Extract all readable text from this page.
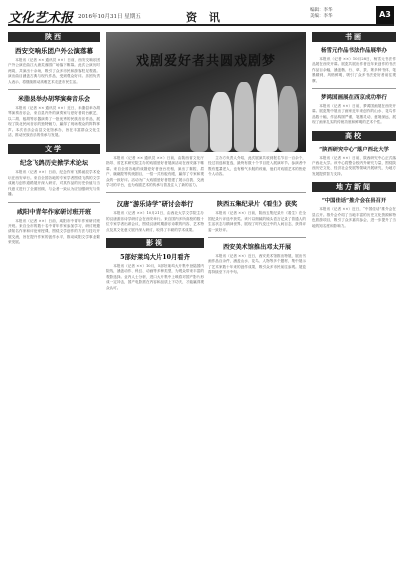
文化艺术报 2016年10月31日 星期五	资 讯
编辑：李华
美编：李华	A3
陕西
西安交响乐团户外公演落幕

本报讯（记者 ×× 通讯员 ××）日前，西安交响乐团户外公演在曲江大唐芙蓉园广场落下帷幕。此次公演历时两周，共演出十余场，吸引了众多市民和游客驻足观看。演出曲目涵盖古典与现代作品，受到观众好评。乐团负责人表示，将继续推动高雅艺术走进市民生活。

米脂县举办胡琴演奏音乐会

本报讯（记者 ×× 通讯员 ××）近日，米脂县举办胡琴演奏音乐会，来自县内外的演奏家与爱好者同台献艺，以二胡、板胡等乐器演奏了一批优秀的民族音乐作品，展现了陕北民间音乐的独特魅力，赢得了现场观众的阵阵掌声。本次音乐会由县文化馆承办，旨在丰富群众文化生活，推动民族音乐的传承与发展。

文学
纪念飞鸽历史掀学术论坛

本报讯（记者 ××）日前，纪念作家飞鸽诞辰学术论坛在西安举行。来自全国各地的专家学者围绕飞鸽的文学成就与创作道路展开深入研讨，对其作品的历史价值与当代意义进行了全面回顾，与会者一致认为应加强研究与传播。

咸阳中青年作家研讨班开班

本报讯（记者 ××）日前，咸阳市中青年作家研讨班开班。来自全市的数十名中青年作家参加学习，研讨班邀请知名作家和评论家授课，围绕文学创作的方法与技巧开展交流，旨在提升作家的创作水平，推动咸阳文学事业繁荣发展。

戏剧爱好者共圆戏剧梦

本报讯（记者 ×× 通讯员 ××）日前，由陕西省文化厅指导、省艺术研究院主办的戏剧爱好者展演活动在西安落下帷幕。来自全省各地的戏剧爱好者登台亮相，演出了秦腔、眉户、碗碗腔等传统剧目，一招一式有板有眼，赢得了专家和观众的一致好评。活动为广大戏剧爱好者搭建了展示自我、交流学习的平台，也为戏剧艺术的传承与普及注入了新的活力。

主办方负责人介绍，此次展演共收到报名节目一百余个，经过初选和复选，最终有数十个节目进入展演环节。参演者中既有耄耋老人，也有稚气未脱的孩童，他们对戏剧艺术的热爱令人动容。

汉唐“游乐诗学”研讨会举行

本报讯（记者 ××）10月21日，由西北大学文学院主办的汉唐游乐诗学研讨会在西安举行。来自国内多所高校的数十位专家学者出席会议，围绕汉唐时期游乐诗歌的内容、艺术特点及其文化意义展开深入研讨，取得了丰硕的学术成果。

影视
5部好莱坞大片10月看齐

本报讯（记者 ××）10月，5部好莱坞大片集中登陆国内院线，涵盖动作、科幻、动画等多种类型，为观众带来丰富的观影选择。业内人士分析，进口大片集中上映将对国产影片形成一定冲击，国产电影需在内容和品质上下功夫，才能赢得观众认可。

陕西五集纪录片《看生》获奖

本报讯（记者 ××）日前，陕西五集纪录片《看生》在全国纪录片评选中获奖。该片以细腻的镜头语言记录了普通人的生活状态与精神世界，展现了时代变迁中的人间百态，获得评委一致好评。

西安美术馆推出邓太开展

本报讯（记者 ××）近日，西安美术馆推出特展，展出书画作品百余件，涵盖山水、花鸟、人物等多个题材，集中展示了艺术家数十年来的创作成果，吸引众多市民前往参观。展览将持续至下月中旬。

书画
杨雪元作品书法作品展举办

本报讯（记者 ××）10月28日，杨雪元书法作品展在西安开幕。展览共展出作者近年来创作的书法作品百余幅，涵盖楷、行、草、隶、篆多种书体，笔墨精到，风格鲜明，吸引了众多书法爱好者前往观摩。

梦鸿国画展在西京成功举行

本报讯（记者 ××）日前，梦鸿国画展在西安开幕。展览集中展出了画家近年来创作的山水、花鸟作品数十幅，作品构图严谨，笔墨灵动，意境深远，展现了画家扎实的传统功底和鲜明的艺术个性。

高校
“陕西研究中心”落户西北大学

本报讯（记者 ××）日前，陕西研究中心正式落户西北大学。该中心将整合校内外研究力量，围绕陕西历史文化、经济社会发展等领域开展研究，为地方发展提供智力支持。

地方新闻
“中国佳话”推介会在县召开

本报讯（记者 ××）近日，“中国佳话”推介会在县召开。推介会介绍了当地丰富的历史文化资源和特色旅游项目，吸引了众多嘉宾参会，进一步提升了当地的知名度和影响力。
